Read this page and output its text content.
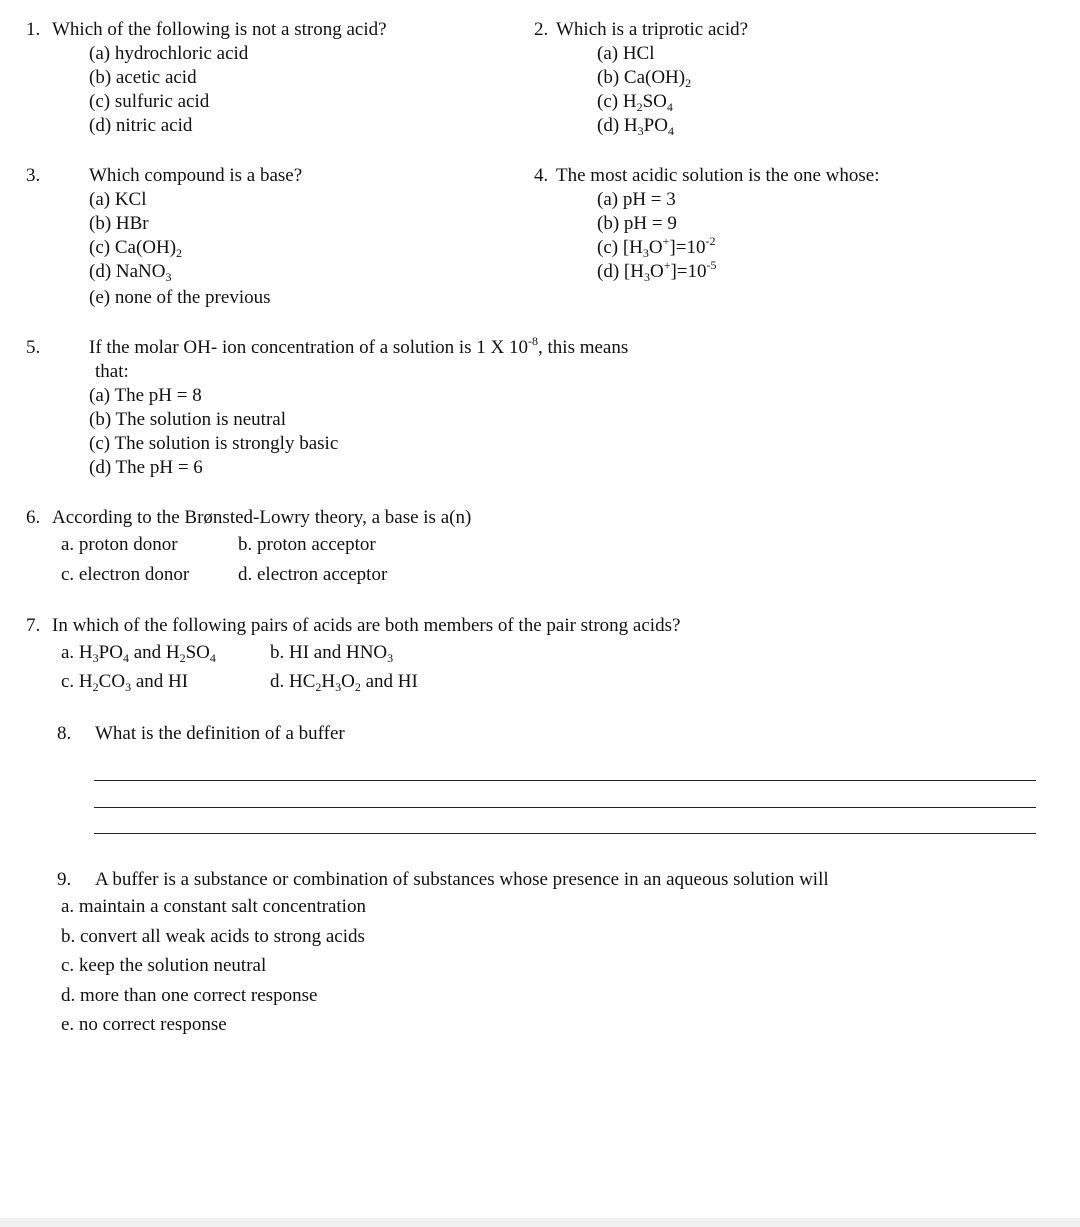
1. Which of the following is not a strong acid?
(a) hydrochloric acid
(b) acetic acid
(c) sulfuric acid
(d) nitric acid
2. Which is a triprotic acid?
(a) HCl
(b) $Ca(OH)_2$
(c) $H_2SO_4$
(d) $H_3PO_4$
3.	Which compound is a base?
(a) KCl
(b) HBr
(c) $Ca(OH)_2$
(d) NaNO$_3$
(e) none of the previous
4. The most acidic solution is the one whose:
(a) pH = 3
(b) pH = 9
(c) $[H_3O^+]=10^{-2}$
(d) $[H_3O^+]=10^{-5}$
5.	If the molar OH- ion concentration of a solution is 1 X $10^{-8}$, this means
that:
(a) The pH = 8
(b) The solution is neutral
(c) The solution is strongly basic
(d) The pH = 6
6. According to the Brønsted-Lowry theory, a base is a(n)
a. proton donor	b. proton acceptor
c. electron donor	d. electron acceptor
7. In which of the following pairs of acids are both members of the pair strong acids?
a. $H_3PO_4$ and $H_2SO_4$	b. HI and $HNO_3$
c. $H_2CO_3$ and HI	d. $HC_2H_3O_2$ and HI
8. What is the definition of a buffer
9. A buffer is a substance or combination of substances whose presence in an aqueous solution will
a. maintain a constant salt concentration
b. convert all weak acids to strong acids
c. keep the solution neutral
d. more than one correct response
e. no correct response
